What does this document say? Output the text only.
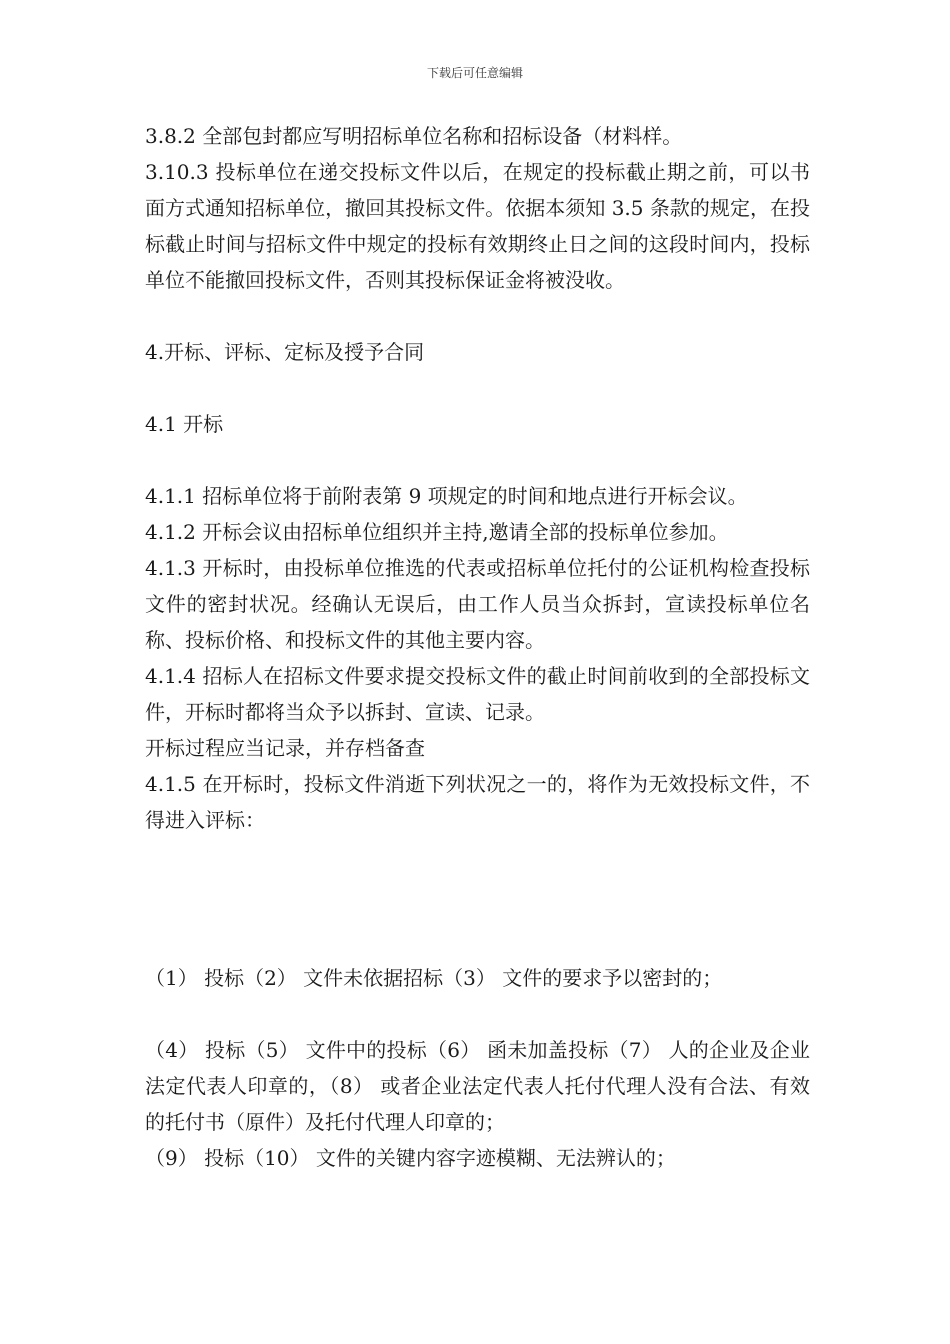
下载后可任意编辑

3.8.2 全部包封都应写明招标单位名称和招标设备（材料样。

3.10.3 投标单位在递交投标文件以后，在规定的投标截止期之前，可以书面方式通知招标单位，撤回其投标文件。依据本须知 3.5 条款的规定，在投标截止时间与招标文件中规定的投标有效期终止日之间的这段时间内，投标单位不能撤回投标文件，否则其投标保证金将被没收。

4.开标、评标、定标及授予合同

4.1 开标

4.1.1 招标单位将于前附表第 9 项规定的时间和地点进行开标会议。

4.1.2 开标会议由招标单位组织并主持,邀请全部的投标单位参加。

4.1.3 开标时，由投标单位推选的代表或招标单位托付的公证机构检查投标文件的密封状况。经确认无误后，由工作人员当众拆封，宣读投标单位名称、投标价格、和投标文件的其他主要内容。

4.1.4 招标人在招标文件要求提交投标文件的截止时间前收到的全部投标文件，开标时都将当众予以拆封、宣读、记录。

开标过程应当记录，并存档备查

4.1.5 在开标时，投标文件消逝下列状况之一的，将作为无效投标文件，不得进入评标：

（1） 投标（2） 文件未依据招标（3） 文件的要求予以密封的；

（4） 投标（5） 文件中的投标（6） 函未加盖投标（7） 人的企业及企业法定代表人印章的，（8） 或者企业法定代表人托付代理人没有合法、有效的托付书（原件）及托付代理人印章的；

（9） 投标（10） 文件的关键内容字迹模糊、无法辨认的；
